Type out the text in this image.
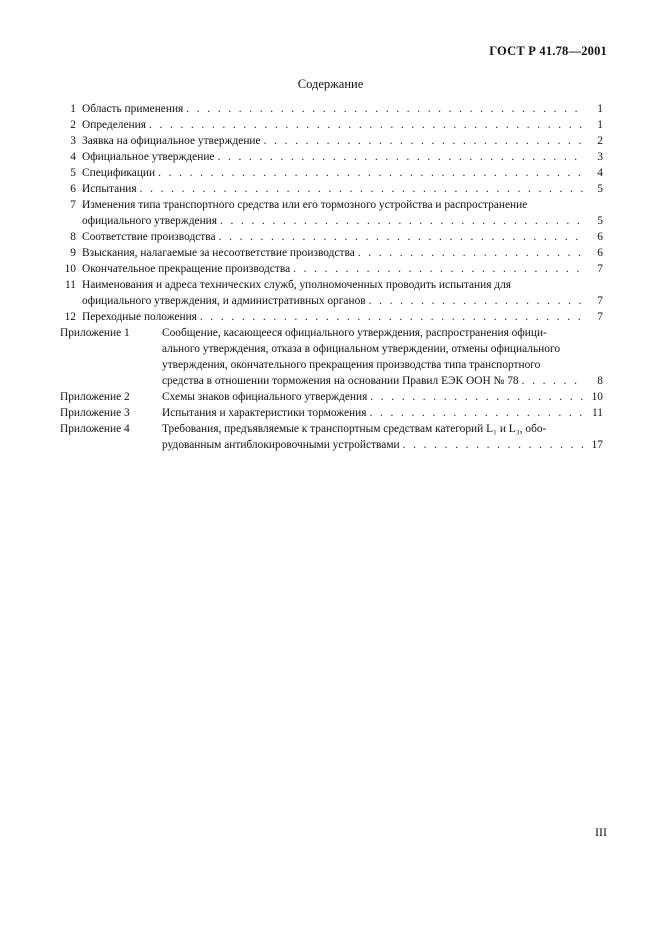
ГОСТ Р 41.78—2001
Содержание
1 Область применения . . .	1
2 Определения . . .	1
3 Заявка на официальное утверждение . . .	2
4 Официальное утверждение . . .	3
5 Спецификации . . .	4
6 Испытания . . .	5
7 Изменения типа транспортного средства или его тормозного устройства и распространение
официального утверждения . . .	5
8 Соответствие производства . . .	6
9 Взыскания, налагаемые за несоответствие производства . . .	6
10 Окончательное прекращение производства . . .	7
11 Наименования и адреса технических служб, уполномоченных проводить испытания для
официального утверждения, и административных органов . . .	7
12 Переходные положения . . .	7
Приложение 1	Сообщение, касающееся официального утверждения, распространения офици-
ального утверждения, отказа в официальном утверждении, отмены официального
утверждения, окончательного прекращения производства типа транспортного
средства в отношении торможения на основании Правил ЕЭК ООН № 78 . . .	8
Приложение 2	Схемы знаков официального утверждения . . .	10
Приложение 3	Испытания и характеристики торможения . . .	11
Приложение 4	Требования, предъявляемые к транспортным средствам категорий L₁ и L₃, обо-
рудованным антиблокировочными устройствами . . .	17
III
